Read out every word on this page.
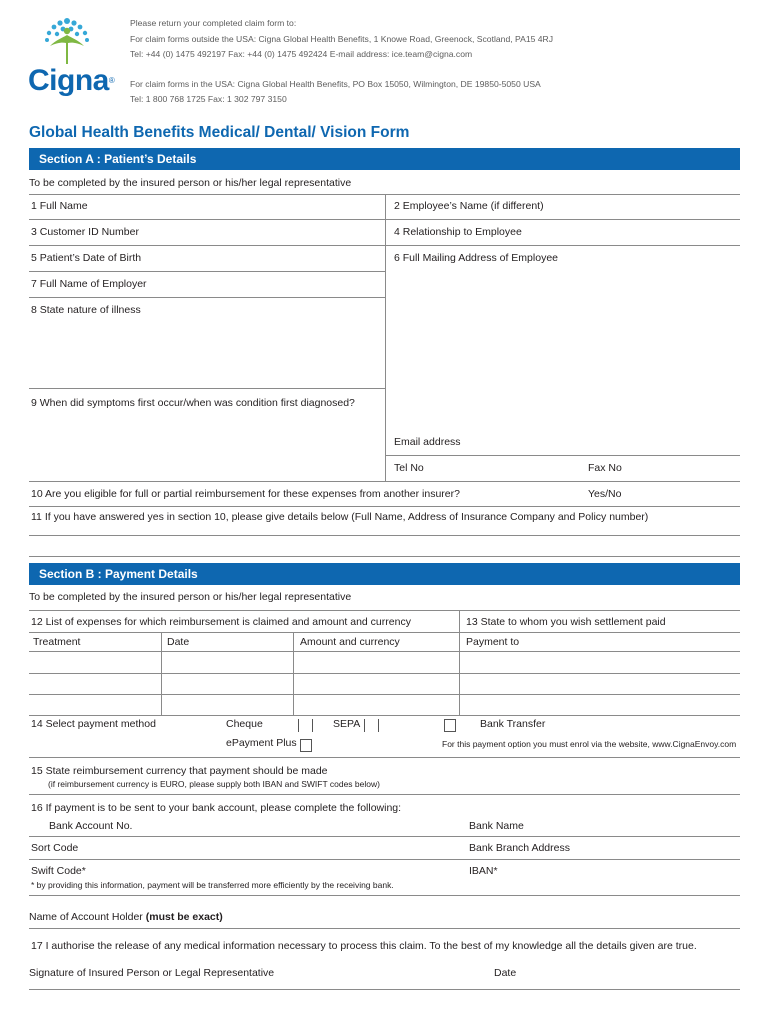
Cigna®
Please return your completed claim form to:
For claim forms outside the USA: Cigna Global Health Benefits, 1 Knowe Road, Greenock, Scotland, PA15 4RJ
Tel: +44 (0) 1475 492197 Fax: +44 (0) 1475 492424 E-mail address: ice.team@cigna.com
For claim forms in the USA: Cigna Global Health Benefits, PO Box 15050, Wilmington, DE 19850-5050 USA
Tel: 1 800 768 1725 Fax: 1 302 797 3150
Global Health Benefits Medical/ Dental/ Vision Form
Section A : Patient’s Details
To be completed by the insured person or his/her legal representative
1 Full Name	2 Employee’s Name (if different)
3 Customer ID Number	4 Relationship to Employee
5 Patient’s Date of Birth	6 Full Mailing Address of Employee
7 Full Name of Employer
8 State nature of illness
9 When did symptoms first occur/when was condition first diagnosed?
Email address
Tel No	Fax No
10 Are you eligible for full or partial reimbursement for these expenses from another insurer?	Yes/No
11 If you have answered yes in section 10, please give details below (Full Name, Address of Insurance Company and Policy number)
Section B : Payment Details
To be completed by the insured person or his/her legal representative
12 List of expenses for which reimbursement is claimed and amount and currency	13 State to whom you wish settlement paid
Treatment	Date	Amount and currency	Payment to
14 Select payment method	Cheque	SEPA	Bank Transfer
ePayment Plus	For this payment option you must enrol via the website, www.CignaEnvoy.com
15 State reimbursement currency that payment should be made
(if reimbursement currency is EURO, please supply both IBAN and SWIFT codes below)
16 If payment is to be sent to your bank account, please complete the following:
Bank Account No.	Bank Name
Sort Code	Bank Branch Address
Swift Code*	IBAN*
* by providing this information, payment will be transferred more efficiently by the receiving bank.
Name of Account Holder (must be exact)
17 I authorise the release of any medical information necessary to process this claim. To the best of my knowledge all the details given are true.
Signature of Insured Person or Legal Representative	Date
